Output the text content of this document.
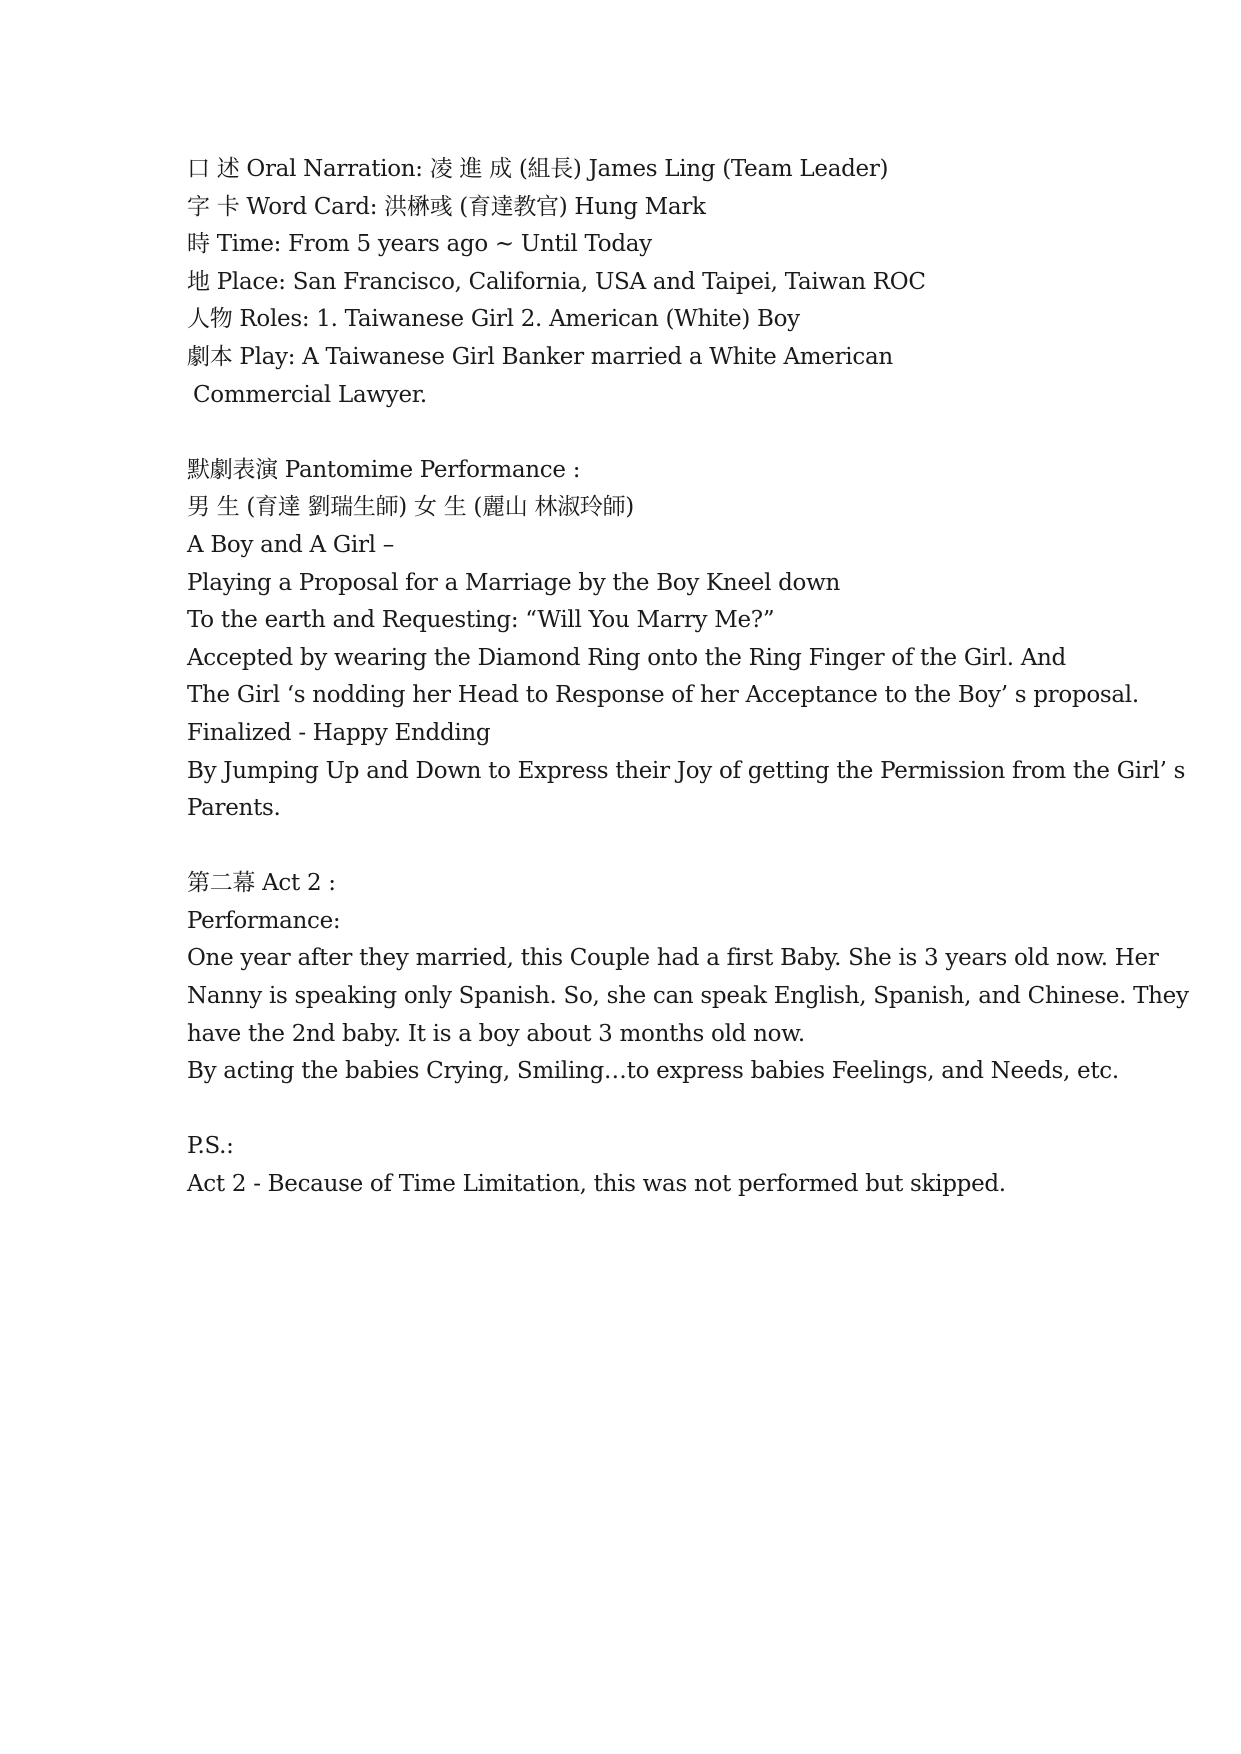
口 述 Oral Narration: 凌 進 成 (組長) James Ling (Team Leader)
字 卡 Word Card: 洪楙彧 (育達教官) Hung Mark
時 Time: From 5 years ago ~ Until Today
地 Place: San Francisco, California, USA and Taipei, Taiwan ROC
人物 Roles: 1. Taiwanese Girl 2. American (White) Boy
劇本 Play: A Taiwanese Girl Banker married a White American
Commercial Lawyer.
默劇表演 Pantomime Performance :
男 生 (育達 劉瑞生師) 女 生 (麗山 林淑玲師)
A Boy and A Girl –
Playing a Proposal for a Marriage by the Boy Kneel down
To the earth and Requesting: “Will You Marry Me?”
Accepted by wearing the Diamond Ring onto the Ring Finger of the Girl. And
The Girl ‘s nodding her Head to Response of her Acceptance to the Boy’ s proposal.
Finalized - Happy Endding
By Jumping Up and Down to Express their Joy of getting the Permission from the Girl’ s
Parents.
第二幕 Act 2 :
Performance:
One year after they married, this Couple had a first Baby. She is 3 years old now. Her
Nanny is speaking only Spanish. So, she can speak English, Spanish, and Chinese. They
have the 2nd baby. It is a boy about 3 months old now.
By acting the babies Crying, Smiling…to express babies Feelings, and Needs, etc.
P.S.:
Act 2 - Because of Time Limitation, this was not performed but skipped.
